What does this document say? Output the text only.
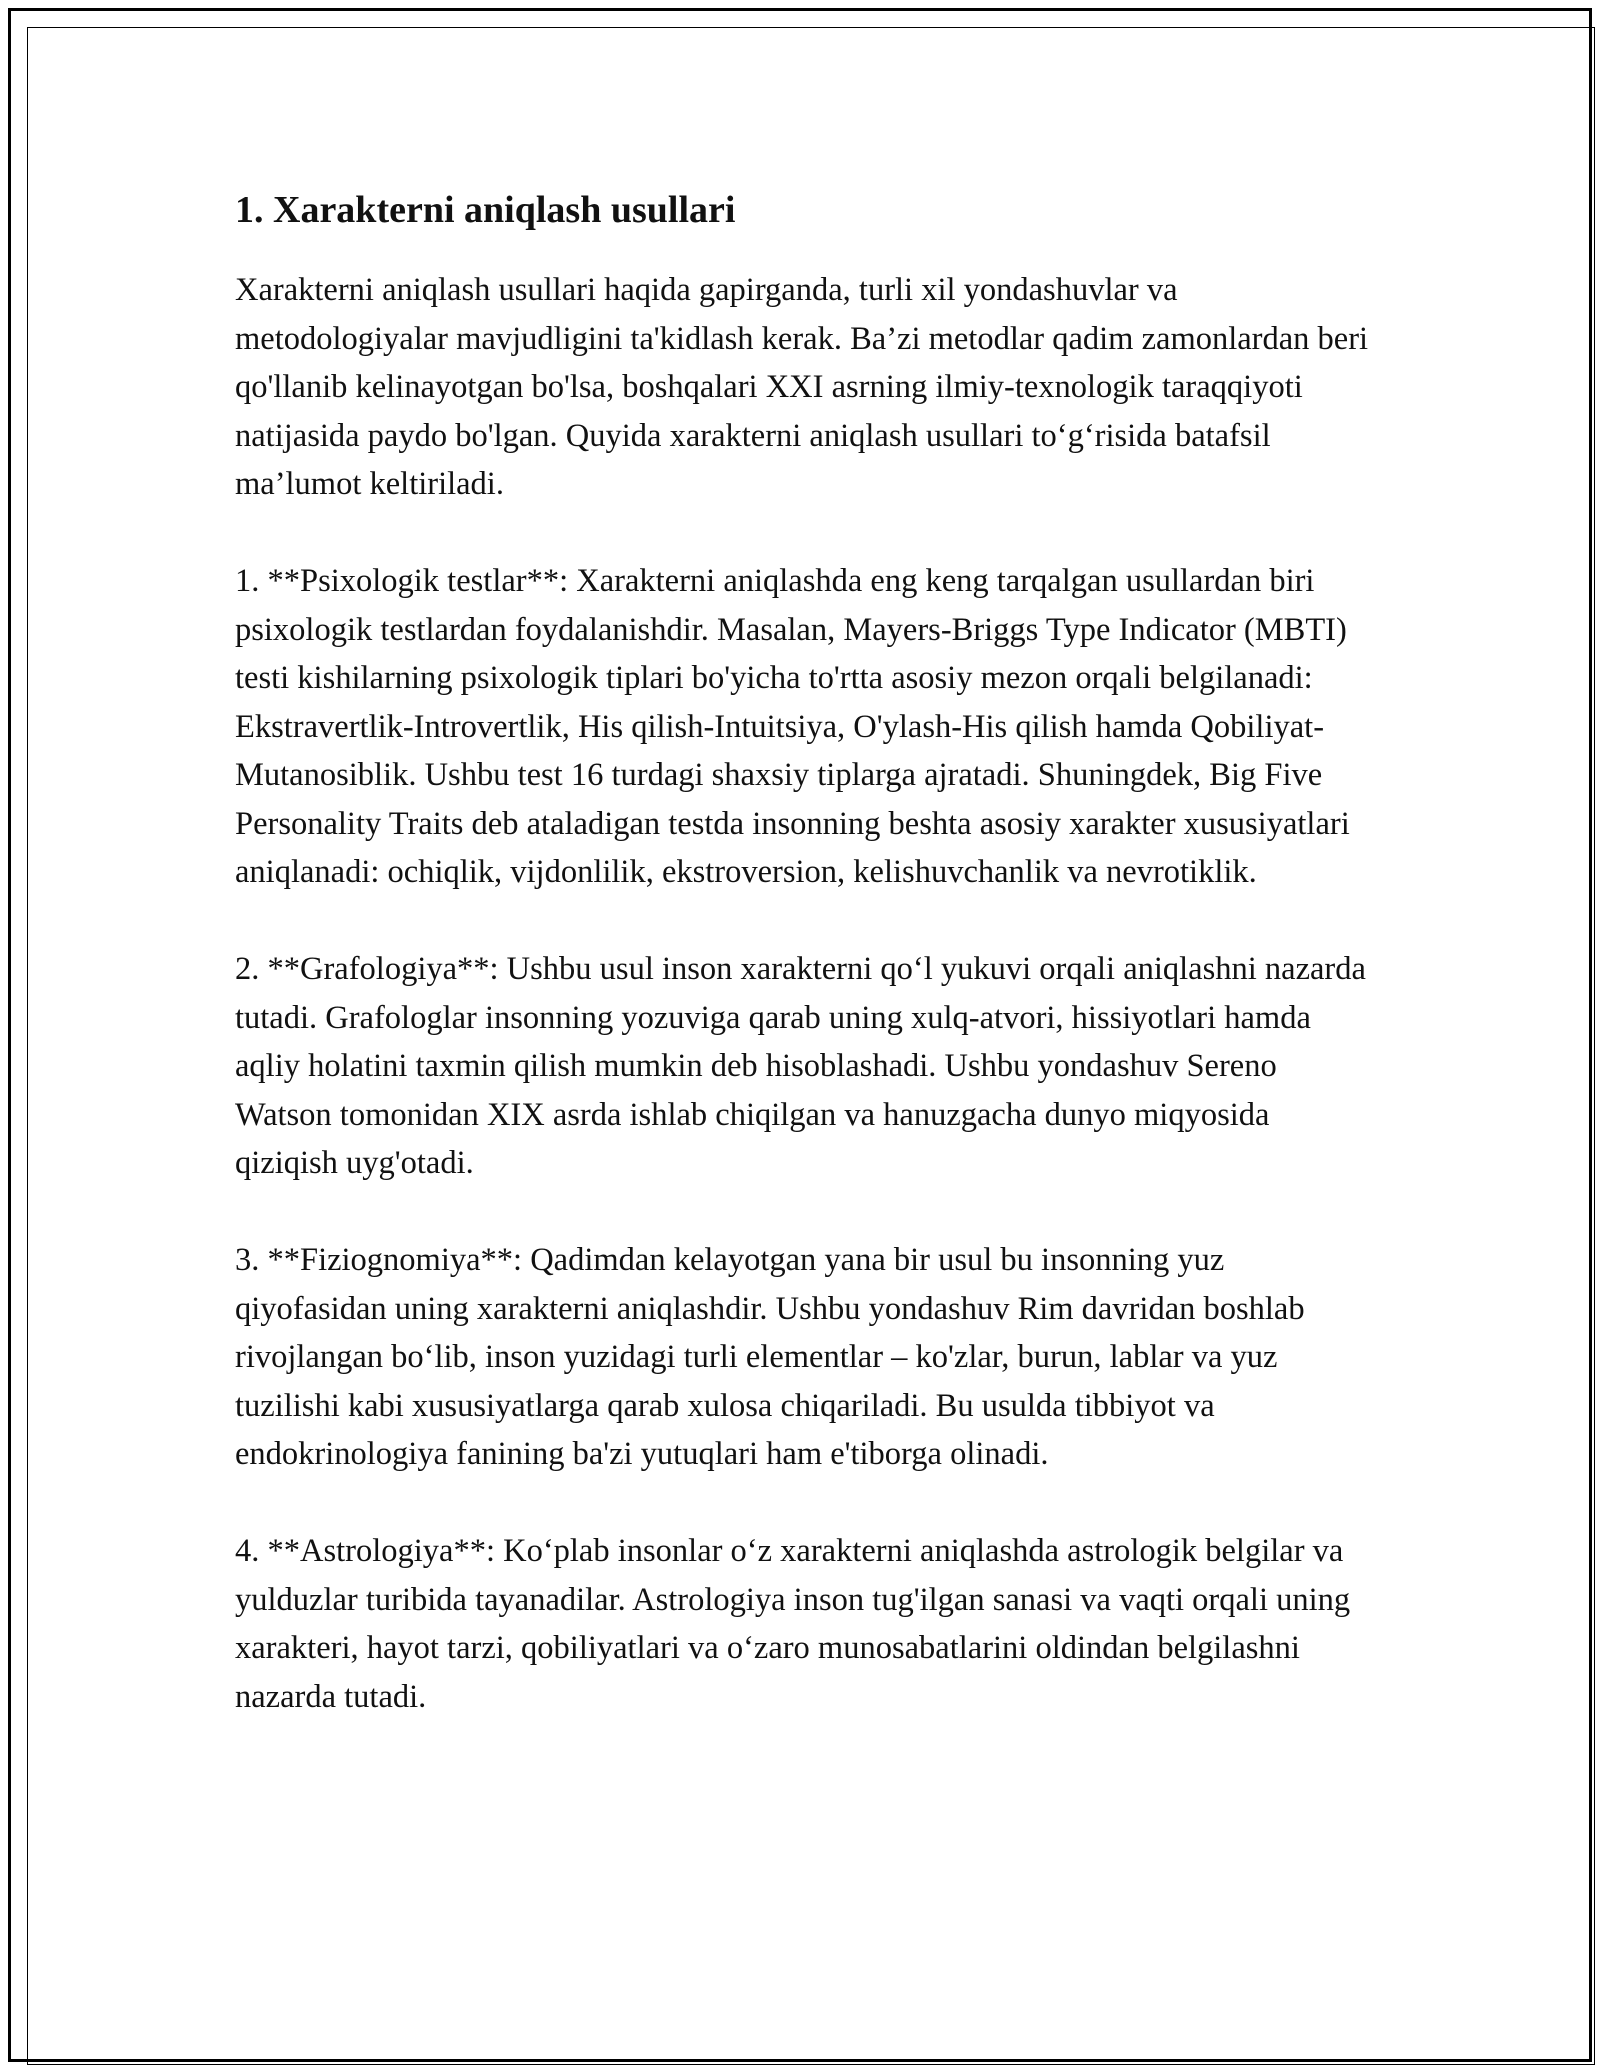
1. Xarakterni aniqlash usullari

Xarakterni aniqlash usullari haqida gapirganda, turli xil yondashuvlar va metodologiyalar mavjudligini ta'kidlash kerak. Ba’zi metodlar qadim zamonlardan beri qo'llanib kelinayotgan bo'lsa, boshqalari XXI asrning ilmiy-texnologik taraqqiyoti natijasida paydo bo'lgan. Quyida xarakterni aniqlash usullari to‘g‘risida batafsil ma’lumot keltiriladi.

1. **Psixologik testlar**: Xarakterni aniqlashda eng keng tarqalgan usullardan biri psixologik testlardan foydalanishdir. Masalan, Mayers-Briggs Type Indicator (MBTI) testi kishilarning psixologik tiplari bo'yicha to'rtta asosiy mezon orqali belgilanadi: Ekstravertlik-Introvertlik, His qilish-Intuitsiya, O'ylash-His qilish hamda Qobiliyat-Mutanosiblik. Ushbu test 16 turdagi shaxsiy tiplarga ajratadi. Shuningdek, Big Five Personality Traits deb ataladigan testda insonning beshta asosiy xarakter xususiyatlari aniqlanadi: ochiqlik, vijdonlilik, ekstroversion, kelishuvchanlik va nevrotiklik.

2. **Grafologiya**: Ushbu usul inson xarakterni qo‘l yukuvi orqali aniqlashni nazarda tutadi. Grafologlar insonning yozuviga qarab uning xulq-atvori, hissiyotlari hamda aqliy holatini taxmin qilish mumkin deb hisoblashadi. Ushbu yondashuv Sereno Watson tomonidan XIX asrda ishlab chiqilgan va hanuzgacha dunyo miqyosida qiziqish uyg'otadi.

3. **Fiziognomiya**: Qadimdan kelayotgan yana bir usul bu insonning yuz qiyofasidan uning xarakterni aniqlashdir. Ushbu yondashuv Rim davridan boshlab rivojlangan bo‘lib, inson yuzidagi turli elementlar – ko'zlar, burun, lablar va yuz tuzilishi kabi xususiyatlarga qarab xulosa chiqariladi. Bu usulda tibbiyot va endokrinologiya fanining ba'zi yutuqlari ham e'tiborga olinadi.

4. **Astrologiya**: Ko‘plab insonlar o‘z xarakterni aniqlashda astrologik belgilar va yulduzlar turibida tayanadilar. Astrologiya inson tug'ilgan sanasi va vaqti orqali uning xarakteri, hayot tarzi, qobiliyatlari va o‘zaro munosabatlarini oldindan belgilashni nazarda tutadi.
